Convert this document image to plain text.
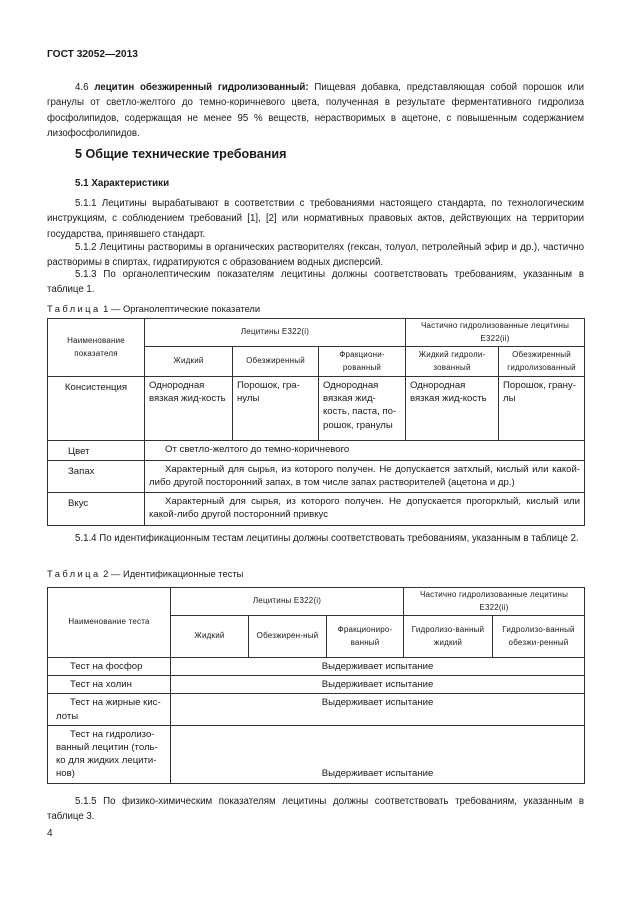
ГОСТ 32052—2013

4.6 лецитин обезжиренный гидролизованный: Пищевая добавка, представляющая собой порошок или гранулы от светло-желтого до темно-коричневого цвета, полученная в результате ферментативного гидролиза фосфолипидов, содержащая не менее 95 % веществ, нерастворимых в ацетоне, с повышенным содержанием лизофосфолипидов.

5 Общие технические требования
5.1 Характеристики

5.1.1 Лецитины вырабатывают в соответствии с требованиями настоящего стандарта, по технологическим инструкциям, с соблюдением требований [1], [2] или нормативных правовых актов, действующих на территории государства, принявшего стандарт.

5.1.2 Лецитины растворимы в органических растворителях (гексан, толуол, петролейный эфир и др.), частично растворимы в спиртах, гидратируются с образованием водных дисперсий.

5.1.3 По органолептическим показателям лецитины должны соответствовать требованиям, указанным в таблице 1.

Таблица 1 — Органолептические показатели
Наименование показателя	Лецитины Е322(i)			Частично гидролизованные лецитины Е322(ii)	
	Жидкий	Обезжиренный	Фракциони-рованный	Жидкий гидроли-зованный	Обезжиренный гидролизованный
Консистенция	Однородная вязкая жид-кость	Порошок, гра-нулы	Однородная вязкая жид-кость, паста, по-рошок, гранулы	Однородная вязкая жид-кость	Порошок, грану-лы
Цвет	От светло-желтого до темно-коричневого				
Запах	Характерный для сырья, из которого получен. Не допускается затхлый, кислый или какой-либо другой посторонний запах, в том числе запах растворителей (ацетона и др.)				
Вкус	Характерный для сырья, из которого получен. Не допускается прогорклый, кислый или какой-либо другой посторонний привкус				

5.1.4 По идентификационным тестам лецитины должны соответствовать требованиям, указанным в таблице 2.

Таблица 2 — Идентификационные тесты
Наименование теста	Лецитины Е322(i)			Частично гидролизованные лецитины Е322(ii)	
	Жидкий	Обезжирен-ный	Фракциониро-ванный	Гидролизо-ванный жидкий	Гидролизо-ванный обезжи-ренный
Тест на фосфор	Выдерживает испытание				
Тест на холин	Выдерживает испытание				
Тест на жирные кис-лоты	Выдерживает испытание				
Тест на гидролизо-ванный лецитин (толь-ко для жидких лецити-нов)	Выдерживает испытание				

5.1.5 По физико-химическим показателям лецитины должны соответствовать требованиям, указанным в таблице 3.

4
